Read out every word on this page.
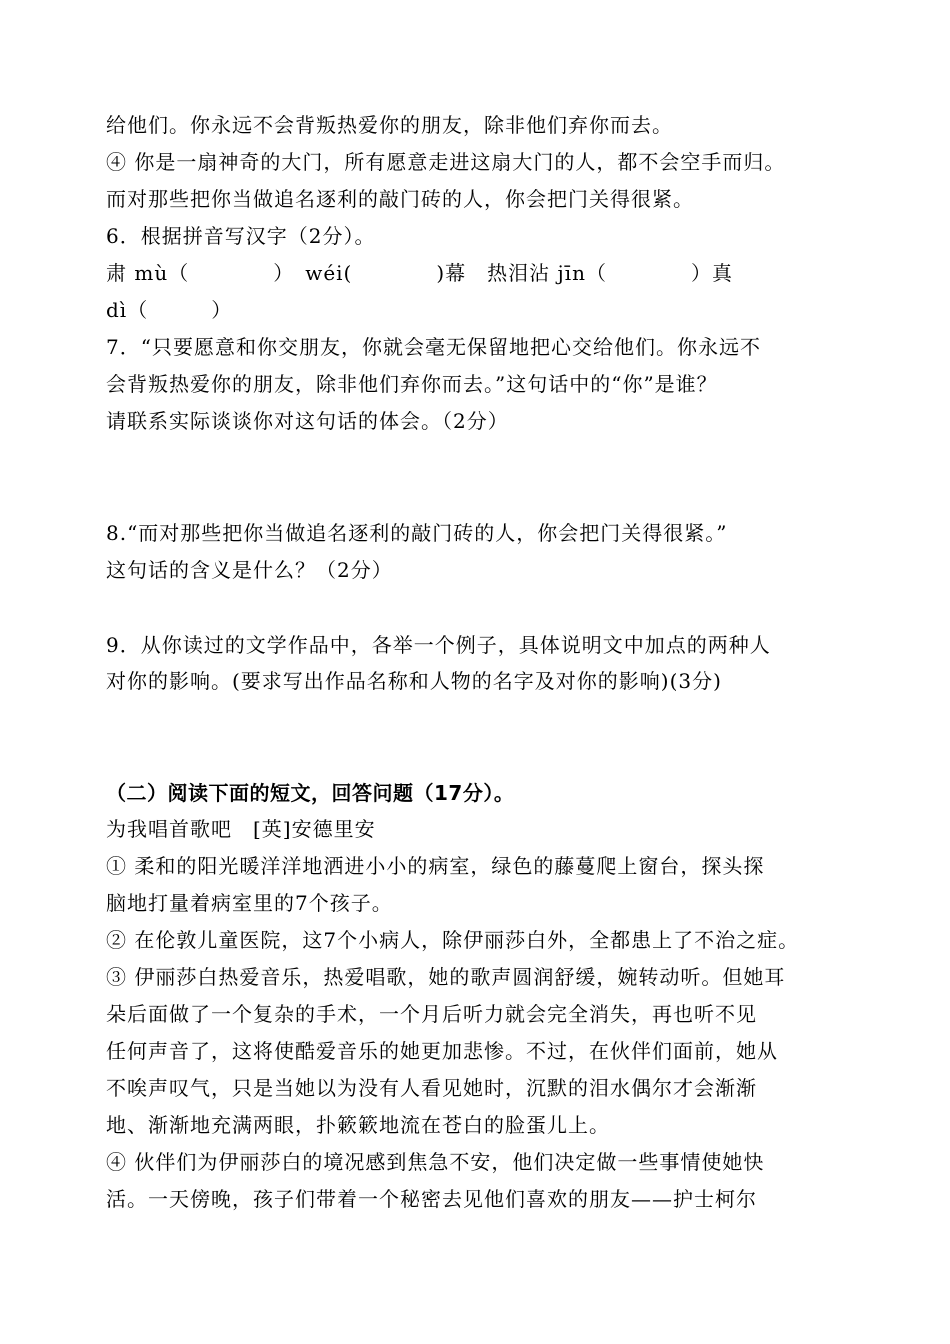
给他们。你永远不会背叛热爱你的朋友，除非他们弃你而去。
④ 你是一扇神奇的大门，所有愿意走进这扇大门的人，都不会空手而归。
而对那些把你当做追名逐利的敲门砖的人，你会把门关得很紧。
6．根据拼音写汉字（2分）。
肃 mù（　　　　）　wéi(　　　　)幕　热泪沾 jīn（　　　　）真
dì（　　　）
7．“只要愿意和你交朋友，你就会毫无保留地把心交给他们。你永远不
会背叛热爱你的朋友，除非他们弃你而去。”这句话中的“你”是谁？
请联系实际谈谈你对这句话的体会。（2分）
8.“而对那些把你当做追名逐利的敲门砖的人，你会把门关得很紧。”
这句话的含义是什么？（2分）
9．从你读过的文学作品中，各举一个例子，具体说明文中加点的两种人
对你的影响。(要求写出作品名称和人物的名字及对你的影响)(3分)
（二）阅读下面的短文，回答问题（17分）。
为我唱首歌吧　[英]安德里安
① 柔和的阳光暖洋洋地洒进小小的病室，绿色的藤蔓爬上窗台，探头探
脑地打量着病室里的7个孩子。
② 在伦敦儿童医院，这7个小病人，除伊丽莎白外，全都患上了不治之症。
③ 伊丽莎白热爱音乐，热爱唱歌，她的歌声圆润舒缓，婉转动听。但她耳
朵后面做了一个复杂的手术，一个月后听力就会完全消失，再也听不见
任何声音了，这将使酷爱音乐的她更加悲惨。不过，在伙伴们面前，她从
不唉声叹气，只是当她以为没有人看见她时，沉默的泪水偶尔才会渐渐
地、渐渐地充满两眼，扑簌簌地流在苍白的脸蛋儿上。
④ 伙伴们为伊丽莎白的境况感到焦急不安，他们决定做一些事情使她快
活。一天傍晚，孩子们带着一个秘密去见他们喜欢的朋友——护士柯尔
